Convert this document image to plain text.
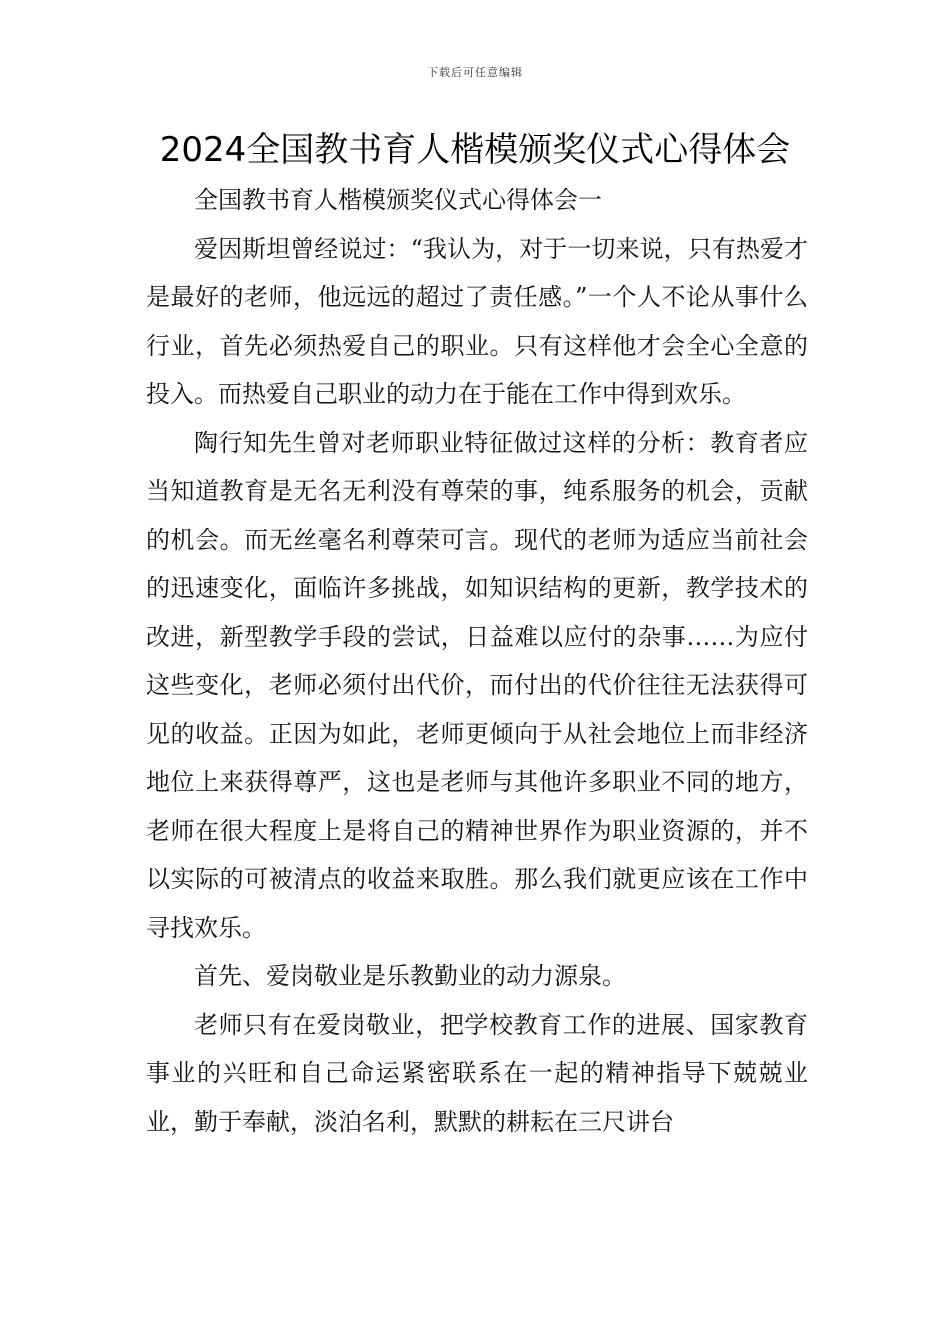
下载后可任意编辑
2024全国教书育人楷模颁奖仪式心得体会

全国教书育人楷模颁奖仪式心得体会一

爱因斯坦曾经说过：“我认为，对于一切来说，只有热爱才是最好的老师，他远远的超过了责任感。”一个人不论从事什么行业，首先必须热爱自己的职业。只有这样他才会全心全意的投入。而热爱自己职业的动力在于能在工作中得到欢乐。

陶行知先生曾对老师职业特征做过这样的分析：教育者应当知道教育是无名无利没有尊荣的事，纯系服务的机会，贡献的机会。而无丝毫名利尊荣可言。现代的老师为适应当前社会的迅速变化，面临许多挑战，如知识结构的更新，教学技术的改进，新型教学手段的尝试，日益难以应付的杂事……为应付这些变化，老师必须付出代价，而付出的代价往往无法获得可见的收益。正因为如此，老师更倾向于从社会地位上而非经济地位上来获得尊严，这也是老师与其他许多职业不同的地方，老师在很大程度上是将自己的精神世界作为职业资源的，并不以实际的可被清点的收益来取胜。那么我们就更应该在工作中寻找欢乐。

首先、爱岗敬业是乐教勤业的动力源泉。

老师只有在爱岗敬业，把学校教育工作的进展、国家教育事业的兴旺和自己命运紧密联系在一起的精神指导下兢兢业业，勤于奉献，淡泊名利，默默的耕耘在三尺讲台
